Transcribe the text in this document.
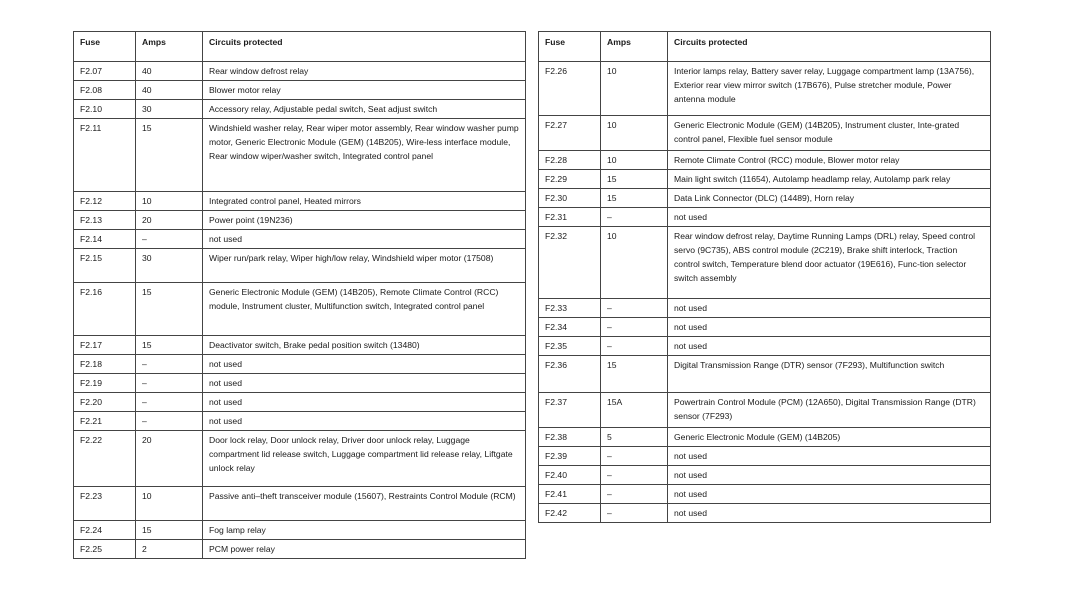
Fuse	Amps	Circuits protected
F2.07	40	Rear window defrost relay
F2.08	40	Blower motor relay
F2.10	30	Accessory relay, Adjustable pedal switch, Seat adjust switch
F2.11	15	Windshield washer relay, Rear wiper motor assembly, Rear window washer pump motor, Generic Electronic Module (GEM) (14B205), Wire-less interface module, Rear window wiper/washer switch, Integrated control panel
F2.12	10	Integrated control panel, Heated mirrors
F2.13	20	Power point (19N236)
F2.14	–	not used
F2.15	30	Wiper run/park relay, Wiper high/low relay, Windshield wiper motor (17508)
F2.16	15	Generic Electronic Module (GEM) (14B205), Remote Climate Control (RCC) module, Instrument cluster, Multifunction switch, Integrated control panel
F2.17	15	Deactivator switch, Brake pedal position switch (13480)
F2.18	–	not used
F2.19	–	not used
F2.20	–	not used
F2.21	–	not used
F2.22	20	Door lock relay, Door unlock relay, Driver door unlock relay, Luggage compartment lid release switch, Luggage compartment lid release relay, Liftgate unlock relay
F2.23	10	Passive anti–theft transceiver module (15607), Restraints Control Module (RCM)
F2.24	15	Fog lamp relay
F2.25	2	PCM power relay
Fuse	Amps	Circuits protected
F2.26	10	Interior lamps relay, Battery saver relay, Luggage compartment lamp (13A756), Exterior rear view mirror switch (17B676), Pulse stretcher module, Power antenna module
F2.27	10	Generic Electronic Module (GEM) (14B205), Instrument cluster, Inte-grated control panel, Flexible fuel sensor module
F2.28	10	Remote Climate Control (RCC) module, Blower motor relay
F2.29	15	Main light switch (11654), Autolamp headlamp relay, Autolamp park relay
F2.30	15	Data Link Connector (DLC) (14489), Horn relay
F2.31	–	not used
F2.32	10	Rear window defrost relay, Daytime Running Lamps (DRL) relay, Speed control servo (9C735), ABS control module (2C219), Brake shift interlock, Traction control switch, Temperature blend door actuator (19E616), Func-tion selector switch assembly
F2.33	–	not used
F2.34	–	not used
F2.35	–	not used
F2.36	15	Digital Transmission Range (DTR) sensor (7F293), Multifunction switch
F2.37	15A	Powertrain Control Module (PCM) (12A650), Digital Transmission Range (DTR) sensor (7F293)
F2.38	5	Generic Electronic Module (GEM) (14B205)
F2.39	–	not used
F2.40	–	not used
F2.41	–	not used
F2.42	–	not used
